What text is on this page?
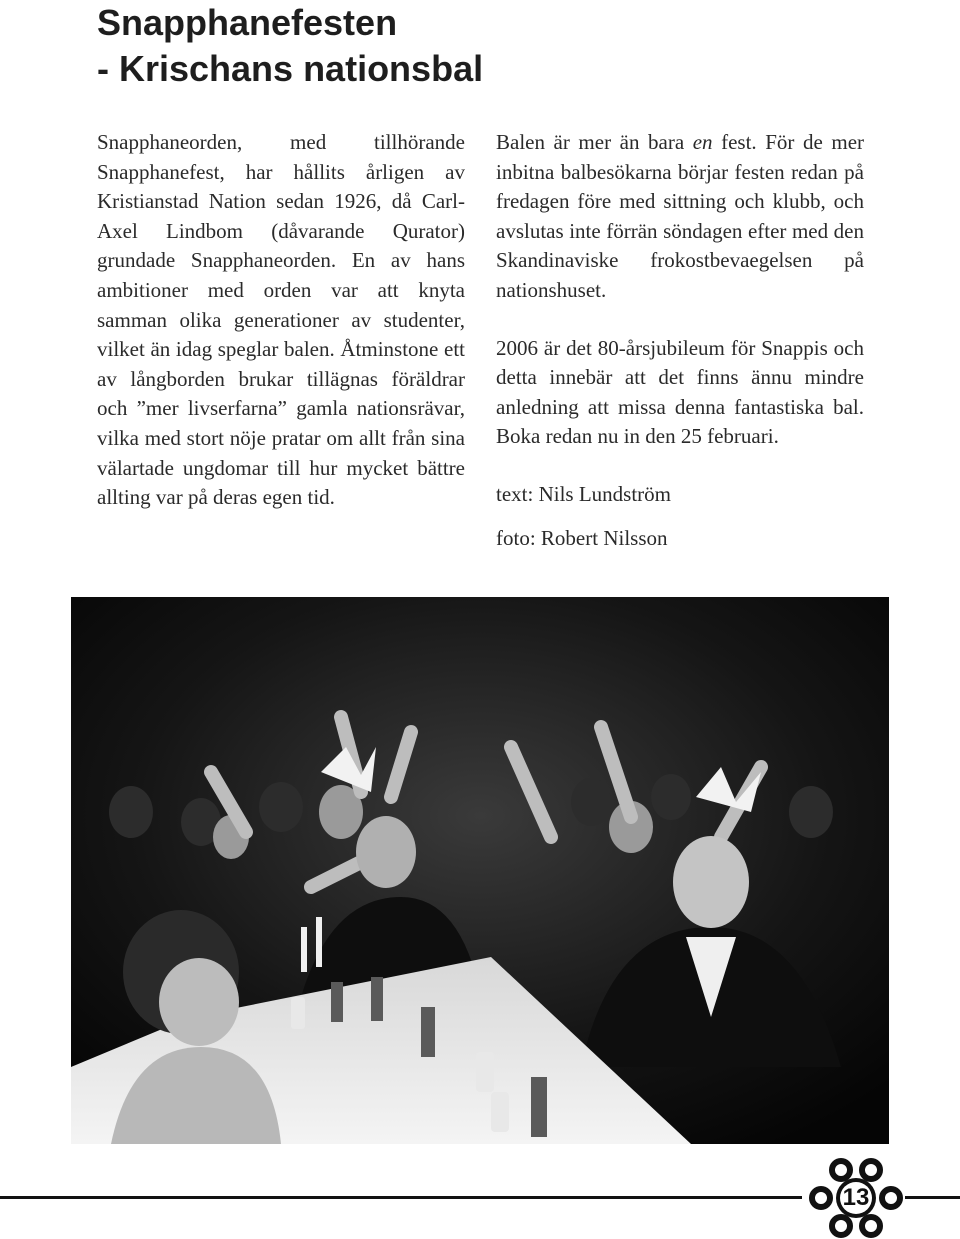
Snapphanefesten
- Krischans nationsbal

Snapphaneorden, med tillhörande Snapphanefest, har hållits årligen av Kristianstad Nation sedan 1926, då Carl-Axel Lindbom (dåvarande Qurator) grundade Snapphaneorden. En av hans ambitioner med orden var att knyta samman olika generationer av studenter, vilket än idag speglar balen. Åtminstone ett av långborden brukar tillägnas föräldrar och ”mer livserfarna” gamla nationsrävar, vilka med stort nöje pratar om allt från sina välartade ungdomar till hur mycket bättre allting var på deras egen tid.

Balen är mer än bara en fest. För de mer inbitna balbesökarna börjar festen redan på fredagen före med sittning och klubb, och avslutas inte förrän söndagen efter med den Skandinaviske frokostbevaegelsen på nationshuset.

2006 är det 80-årsjubileum för Snappis och detta innebär att det finns ännu mindre anledning att missa denna fantastiska bal. Boka redan nu in den 25 februari.

text: Nils Lundström

foto: Robert Nilsson

13
